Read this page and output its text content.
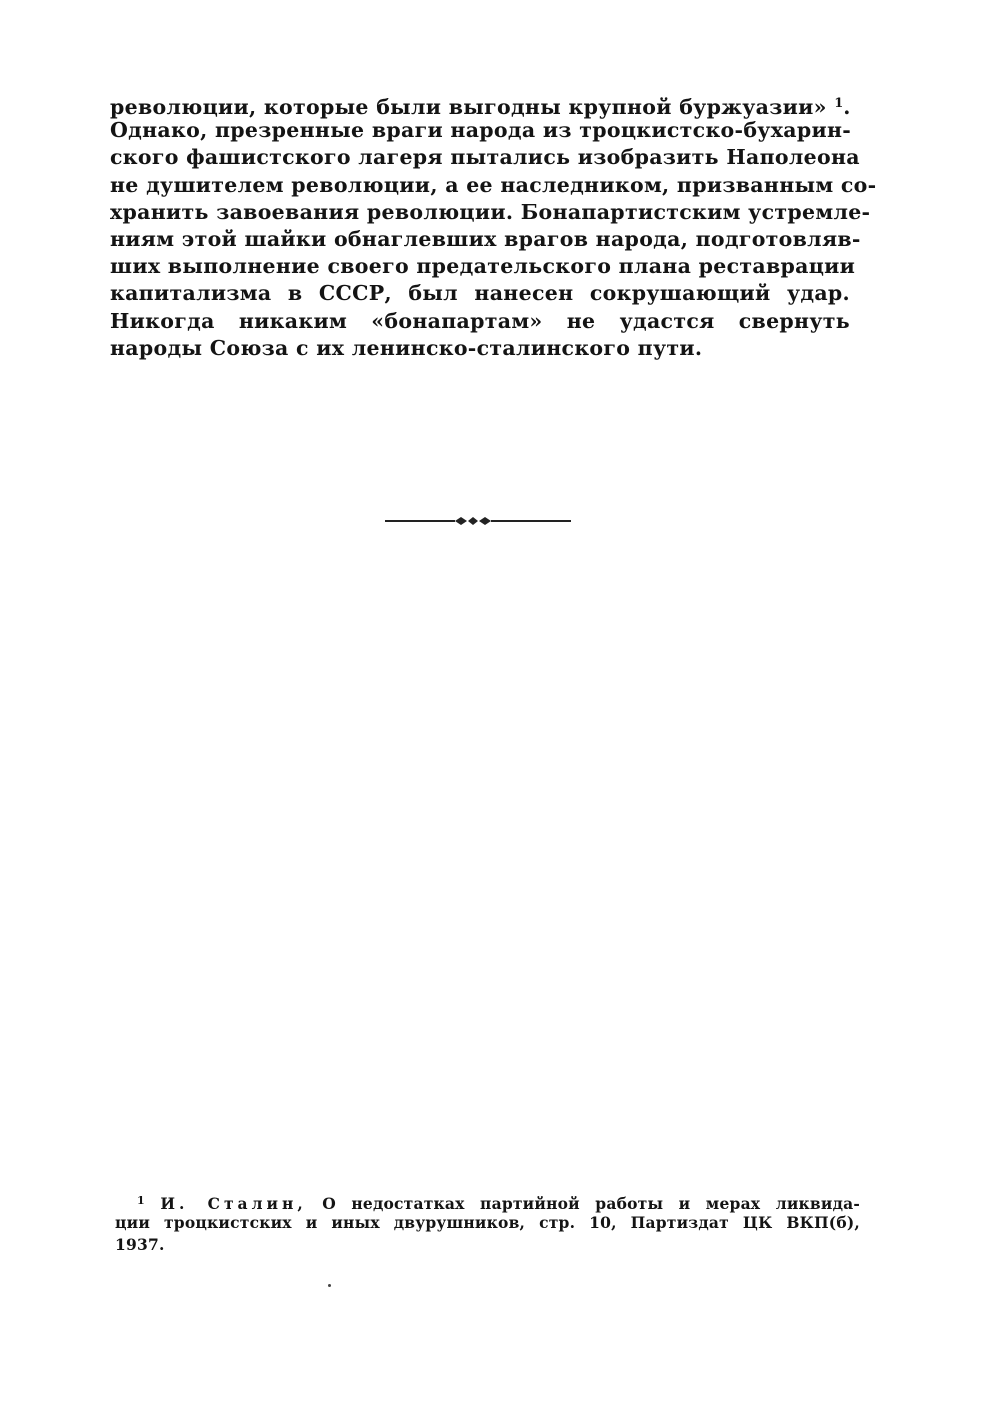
революции, которые были выгодны крупной буржуазии» $^1$.
Однако, презренные враги народа из троцкистско-бухарин-
ского фашистского лагеря пытались изобразить Наполеона
не душителем революции, а ее наследником, призванным со-
хранить завоевания революции. Бонапартистским устремле-
ниям этой шайки обнаглевших врагов народа, подготовляв-
ших выполнение своего предательского плана реставрации
капитализма в СССР, был нанесен сокрушающий удар.
Никогда никаким «бонапартам» не удастся свернуть
народы Союза с их ленинско-сталинского пути.
$^1$ И. Сталин, О недостатках партийной работы и мерах ликвида-
ции троцкистских и иных двурушников, стр. 10, Партиздат ЦК ВКП(б),
1937.
